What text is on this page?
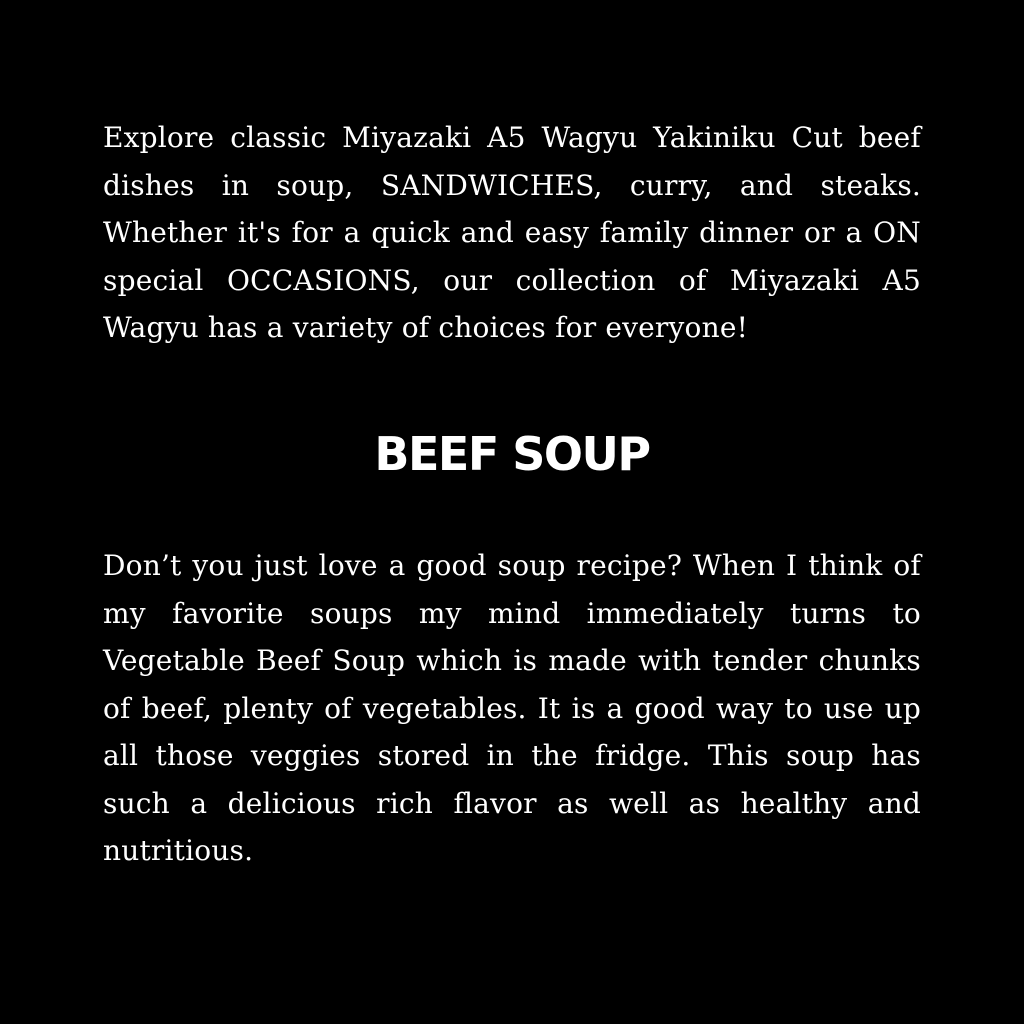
Explore classic Miyazaki A5 Wagyu Yakiniku Cut beef dishes in soup, SANDWICHES, curry, and steaks. Whether it's for a quick and easy family dinner or a ON special OCCASIONS, our collection of Miyazaki A5 Wagyu has a variety of choices for everyone!

BEEF SOUP

Don’t you just love a good soup recipe? When I think of my favorite soups my mind immediately turns to Vegetable Beef Soup which is made with tender chunks of beef, plenty of vegetables. It is a good way to use up all those veggies stored in the fridge. This soup has such a delicious rich flavor as well as healthy and nutritious.
